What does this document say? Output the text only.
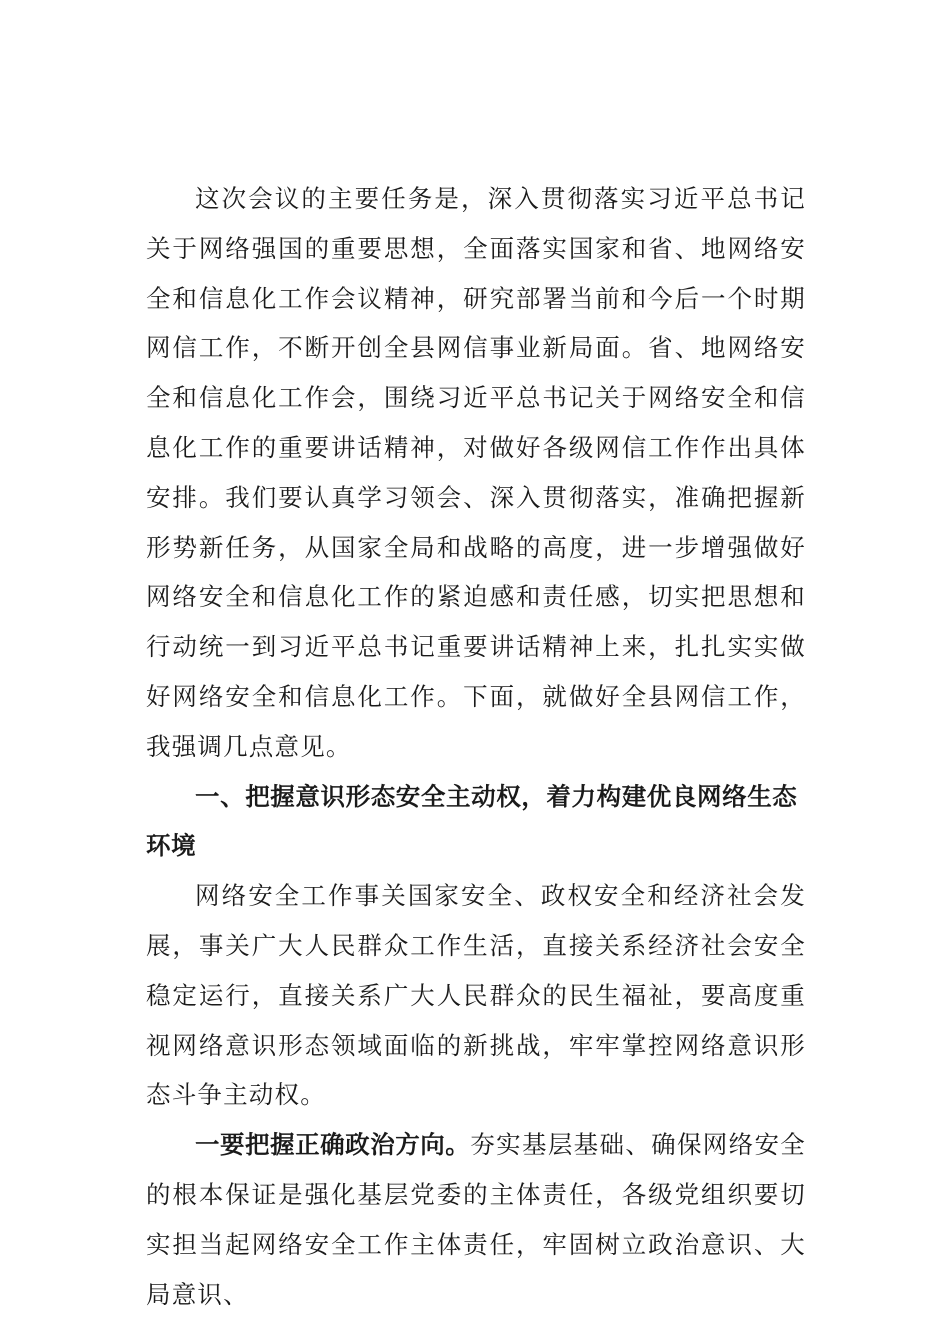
这次会议的主要任务是，深入贯彻落实习近平总书记关于网络强国的重要思想，全面落实国家和省、地网络安全和信息化工作会议精神，研究部署当前和今后一个时期网信工作，不断开创全县网信事业新局面。省、地网络安全和信息化工作会，围绕习近平总书记关于网络安全和信息化工作的重要讲话精神，对做好各级网信工作作出具体安排。我们要认真学习领会、深入贯彻落实，准确把握新形势新任务，从国家全局和战略的高度，进一步增强做好网络安全和信息化工作的紧迫感和责任感，切实把思想和行动统一到习近平总书记重要讲话精神上来，扎扎实实做好网络安全和信息化工作。下面，就做好全县网信工作，我强调几点意见。

一、把握意识形态安全主动权，着力构建优良网络生态环境

网络安全工作事关国家安全、政权安全和经济社会发展，事关广大人民群众工作生活，直接关系经济社会安全稳定运行，直接关系广大人民群众的民生福祉，要高度重视网络意识形态领域面临的新挑战，牢牢掌控网络意识形态斗争主动权。

一要把握正确政治方向。夯实基层基础、确保网络安全的根本保证是强化基层党委的主体责任，各级党组织要切实担当起网络安全工作主体责任，牢固树立政治意识、大局意识、
